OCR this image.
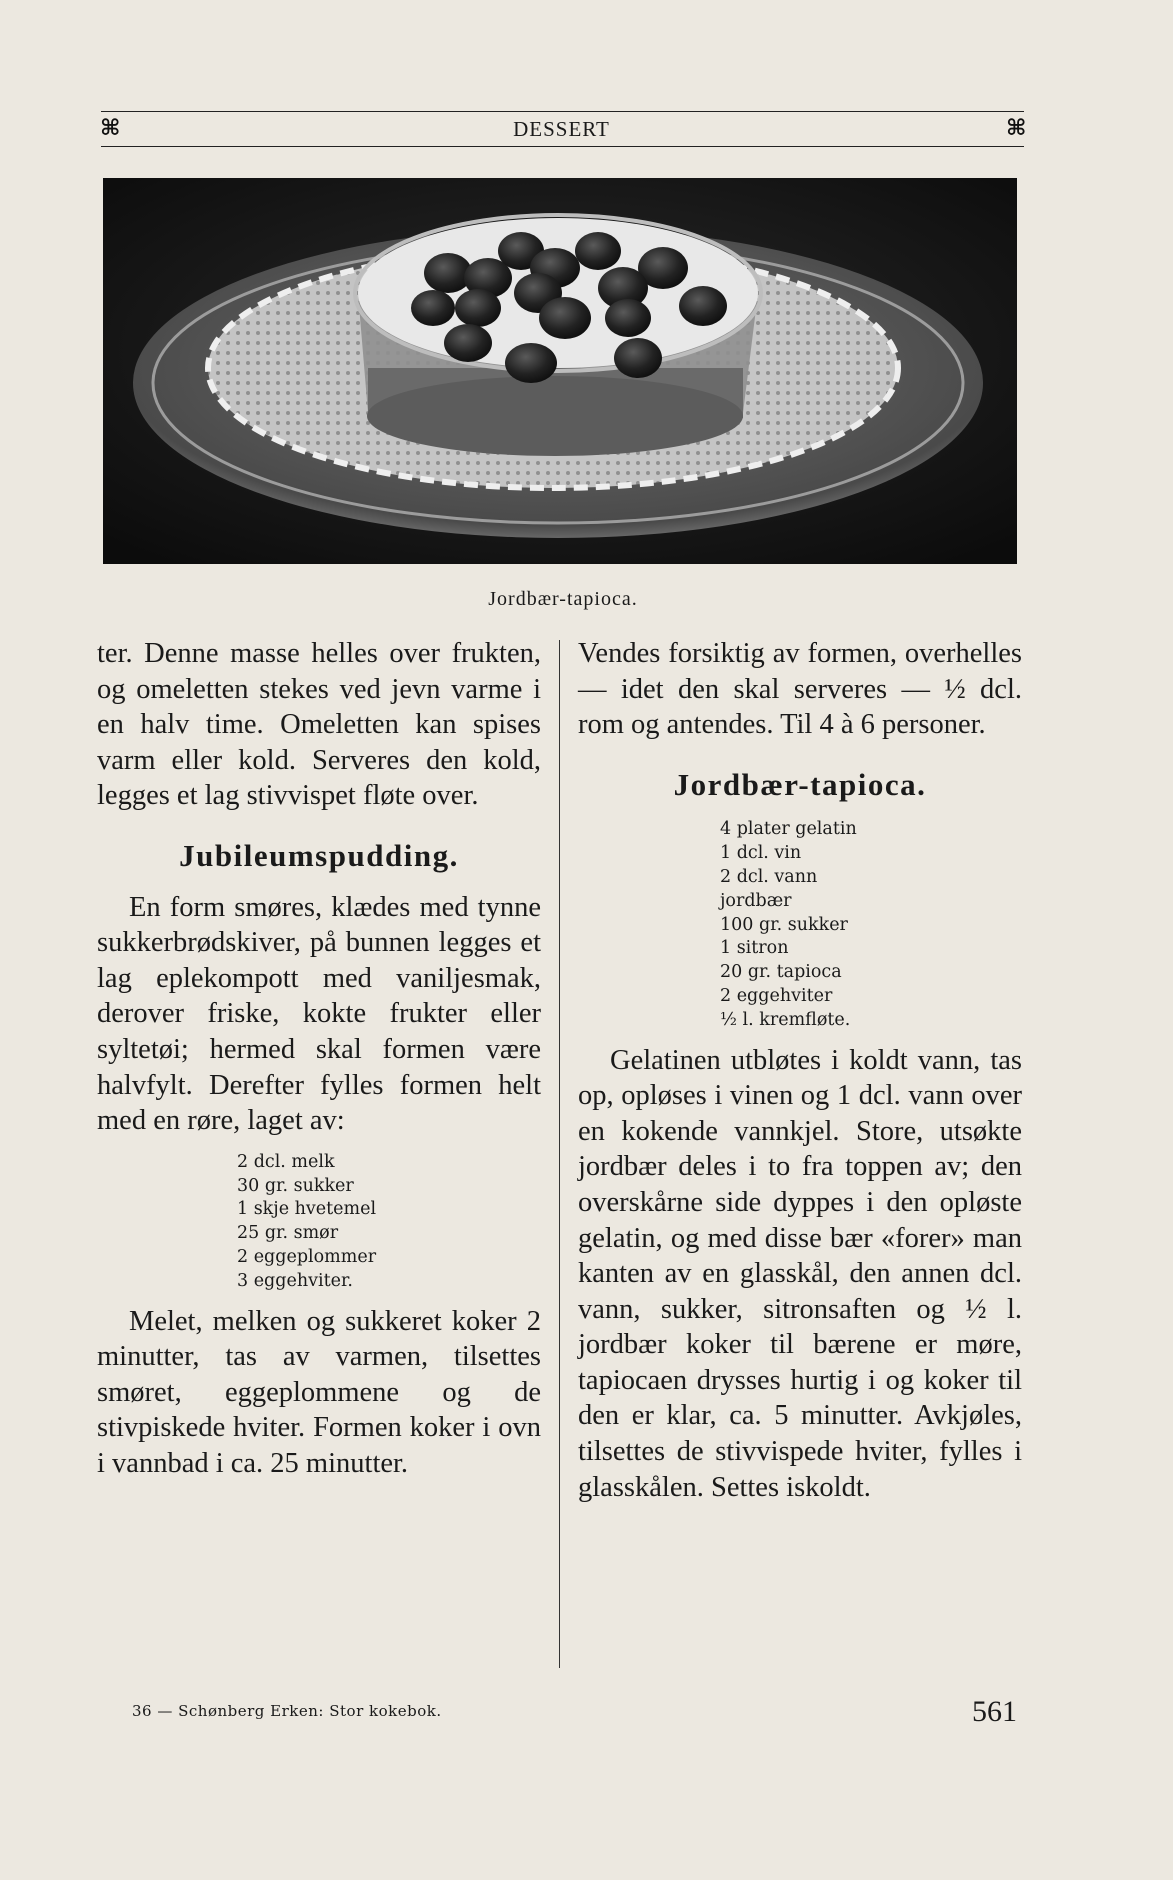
⌘	DESSERT	⌘
Jordbær-tapioca.

ter. Denne masse helles over frukten, og omeletten stekes ved jevn varme i en halv time. Omeletten kan spises varm eller kold. Serveres den kold, legges et lag stivvispet fløte over.

Jubileumspudding.

En form smøres, klædes med tynne sukkerbrødskiver, på bunnen legges et lag eplekompott med vaniljesmak, derover friske, kokte frukter eller syltetøi; hermed skal formen være halvfylt. Derefter fylles formen helt med en røre, laget av:

2 dcl. melk
30 gr. sukker
1 skje hvetemel
25 gr. smør
2 eggeplommer
3 eggehviter.

Melet, melken og sukkeret koker 2 minutter, tas av varmen, tilsettes smøret, eggeplommene og de stivpiskede hviter. Formen koker i ovn i vannbad i ca. 25 minutter.

Vendes forsiktig av formen, overhelles — idet den skal serveres — ½ dcl. rom og antendes. Til 4 à 6 personer.

Jordbær-tapioca.
4 plater gelatin
1 dcl. vin
2 dcl. vann
jordbær
100 gr. sukker
1 sitron
20 gr. tapioca
2 eggehviter
½ l. kremfløte.

Gelatinen utbløtes i koldt vann, tas op, opløses i vinen og 1 dcl. vann over en kokende vannkjel. Store, utsøkte jordbær deles i to fra toppen av; den overskårne side dyppes i den opløste gelatin, og med disse bær «forer» man kanten av en glasskål, den annen dcl. vann, sukker, sitronsaften og ½ l. jordbær koker til bærene er møre, tapiocaen drysses hurtig i og koker til den er klar, ca. 5 minutter. Avkjøles, tilsettes de stivvispede hviter, fylles i glasskålen. Settes iskoldt.

36 — Schønberg Erken: Stor kokebok.	561
